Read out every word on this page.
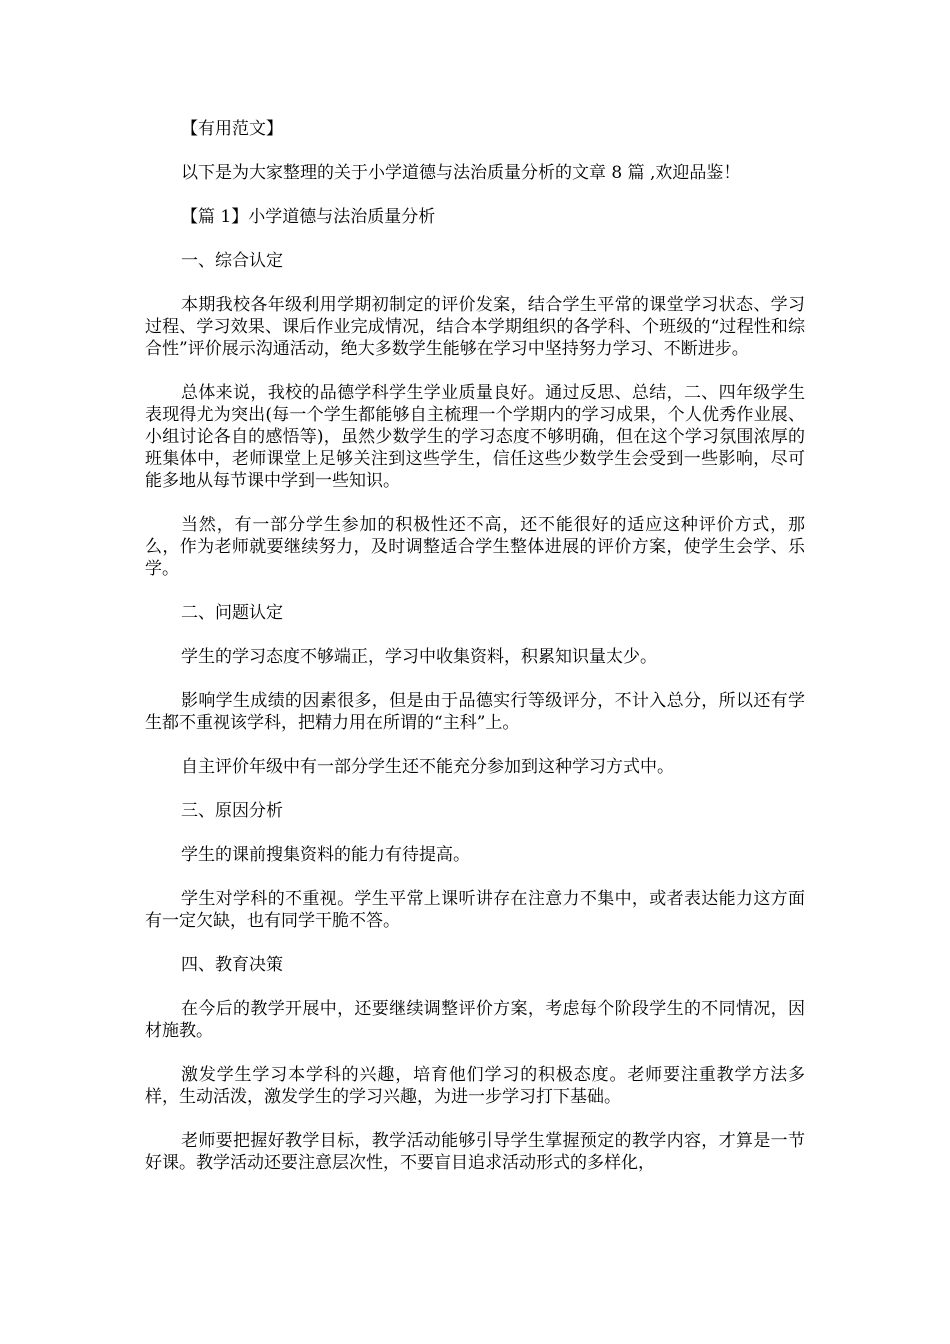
【有用范文】

以下是为大家整理的关于小学道德与法治质量分析的文章 8 篇 ,欢迎品鉴！

【篇 1】小学道德与法治质量分析

一、综合认定

本期我校各年级利用学期初制定的评价发案，结合学生平常的课堂学习状态、学习过程、学习效果、课后作业完成情况，结合本学期组织的各学科、个班级的“过程性和综合性”评价展示沟通活动，绝大多数学生能够在学习中坚持努力学习、不断进步。

总体来说，我校的品德学科学生学业质量良好。通过反思、总结，二、四年级学生表现得尤为突出(每一个学生都能够自主梳理一个学期内的学习成果，个人优秀作业展、小组讨论各自的感悟等)，虽然少数学生的学习态度不够明确，但在这个学习氛围浓厚的班集体中，老师课堂上足够关注到这些学生，信任这些少数学生会受到一些影响，尽可能多地从每节课中学到一些知识。

当然，有一部分学生参加的积极性还不高，还不能很好的适应这种评价方式，那么，作为老师就要继续努力，及时调整适合学生整体进展的评价方案，使学生会学、乐学。

二、问题认定

学生的学习态度不够端正，学习中收集资料，积累知识量太少。

影响学生成绩的因素很多，但是由于品德实行等级评分，不计入总分，所以还有学生都不重视该学科，把精力用在所谓的“主科”上。

自主评价年级中有一部分学生还不能充分参加到这种学习方式中。

三、原因分析

学生的课前搜集资料的能力有待提高。

学生对学科的不重视。学生平常上课听讲存在注意力不集中，或者表达能力这方面有一定欠缺，也有同学干脆不答。

四、教育决策

在今后的教学开展中，还要继续调整评价方案，考虑每个阶段学生的不同情况，因材施教。

激发学生学习本学科的兴趣，培育他们学习的积极态度。老师要注重教学方法多样，生动活泼，激发学生的学习兴趣，为进一步学习打下基础。

老师要把握好教学目标，教学活动能够引导学生掌握预定的教学内容，才算是一节好课。教学活动还要注意层次性，不要盲目追求活动形式的多样化，
